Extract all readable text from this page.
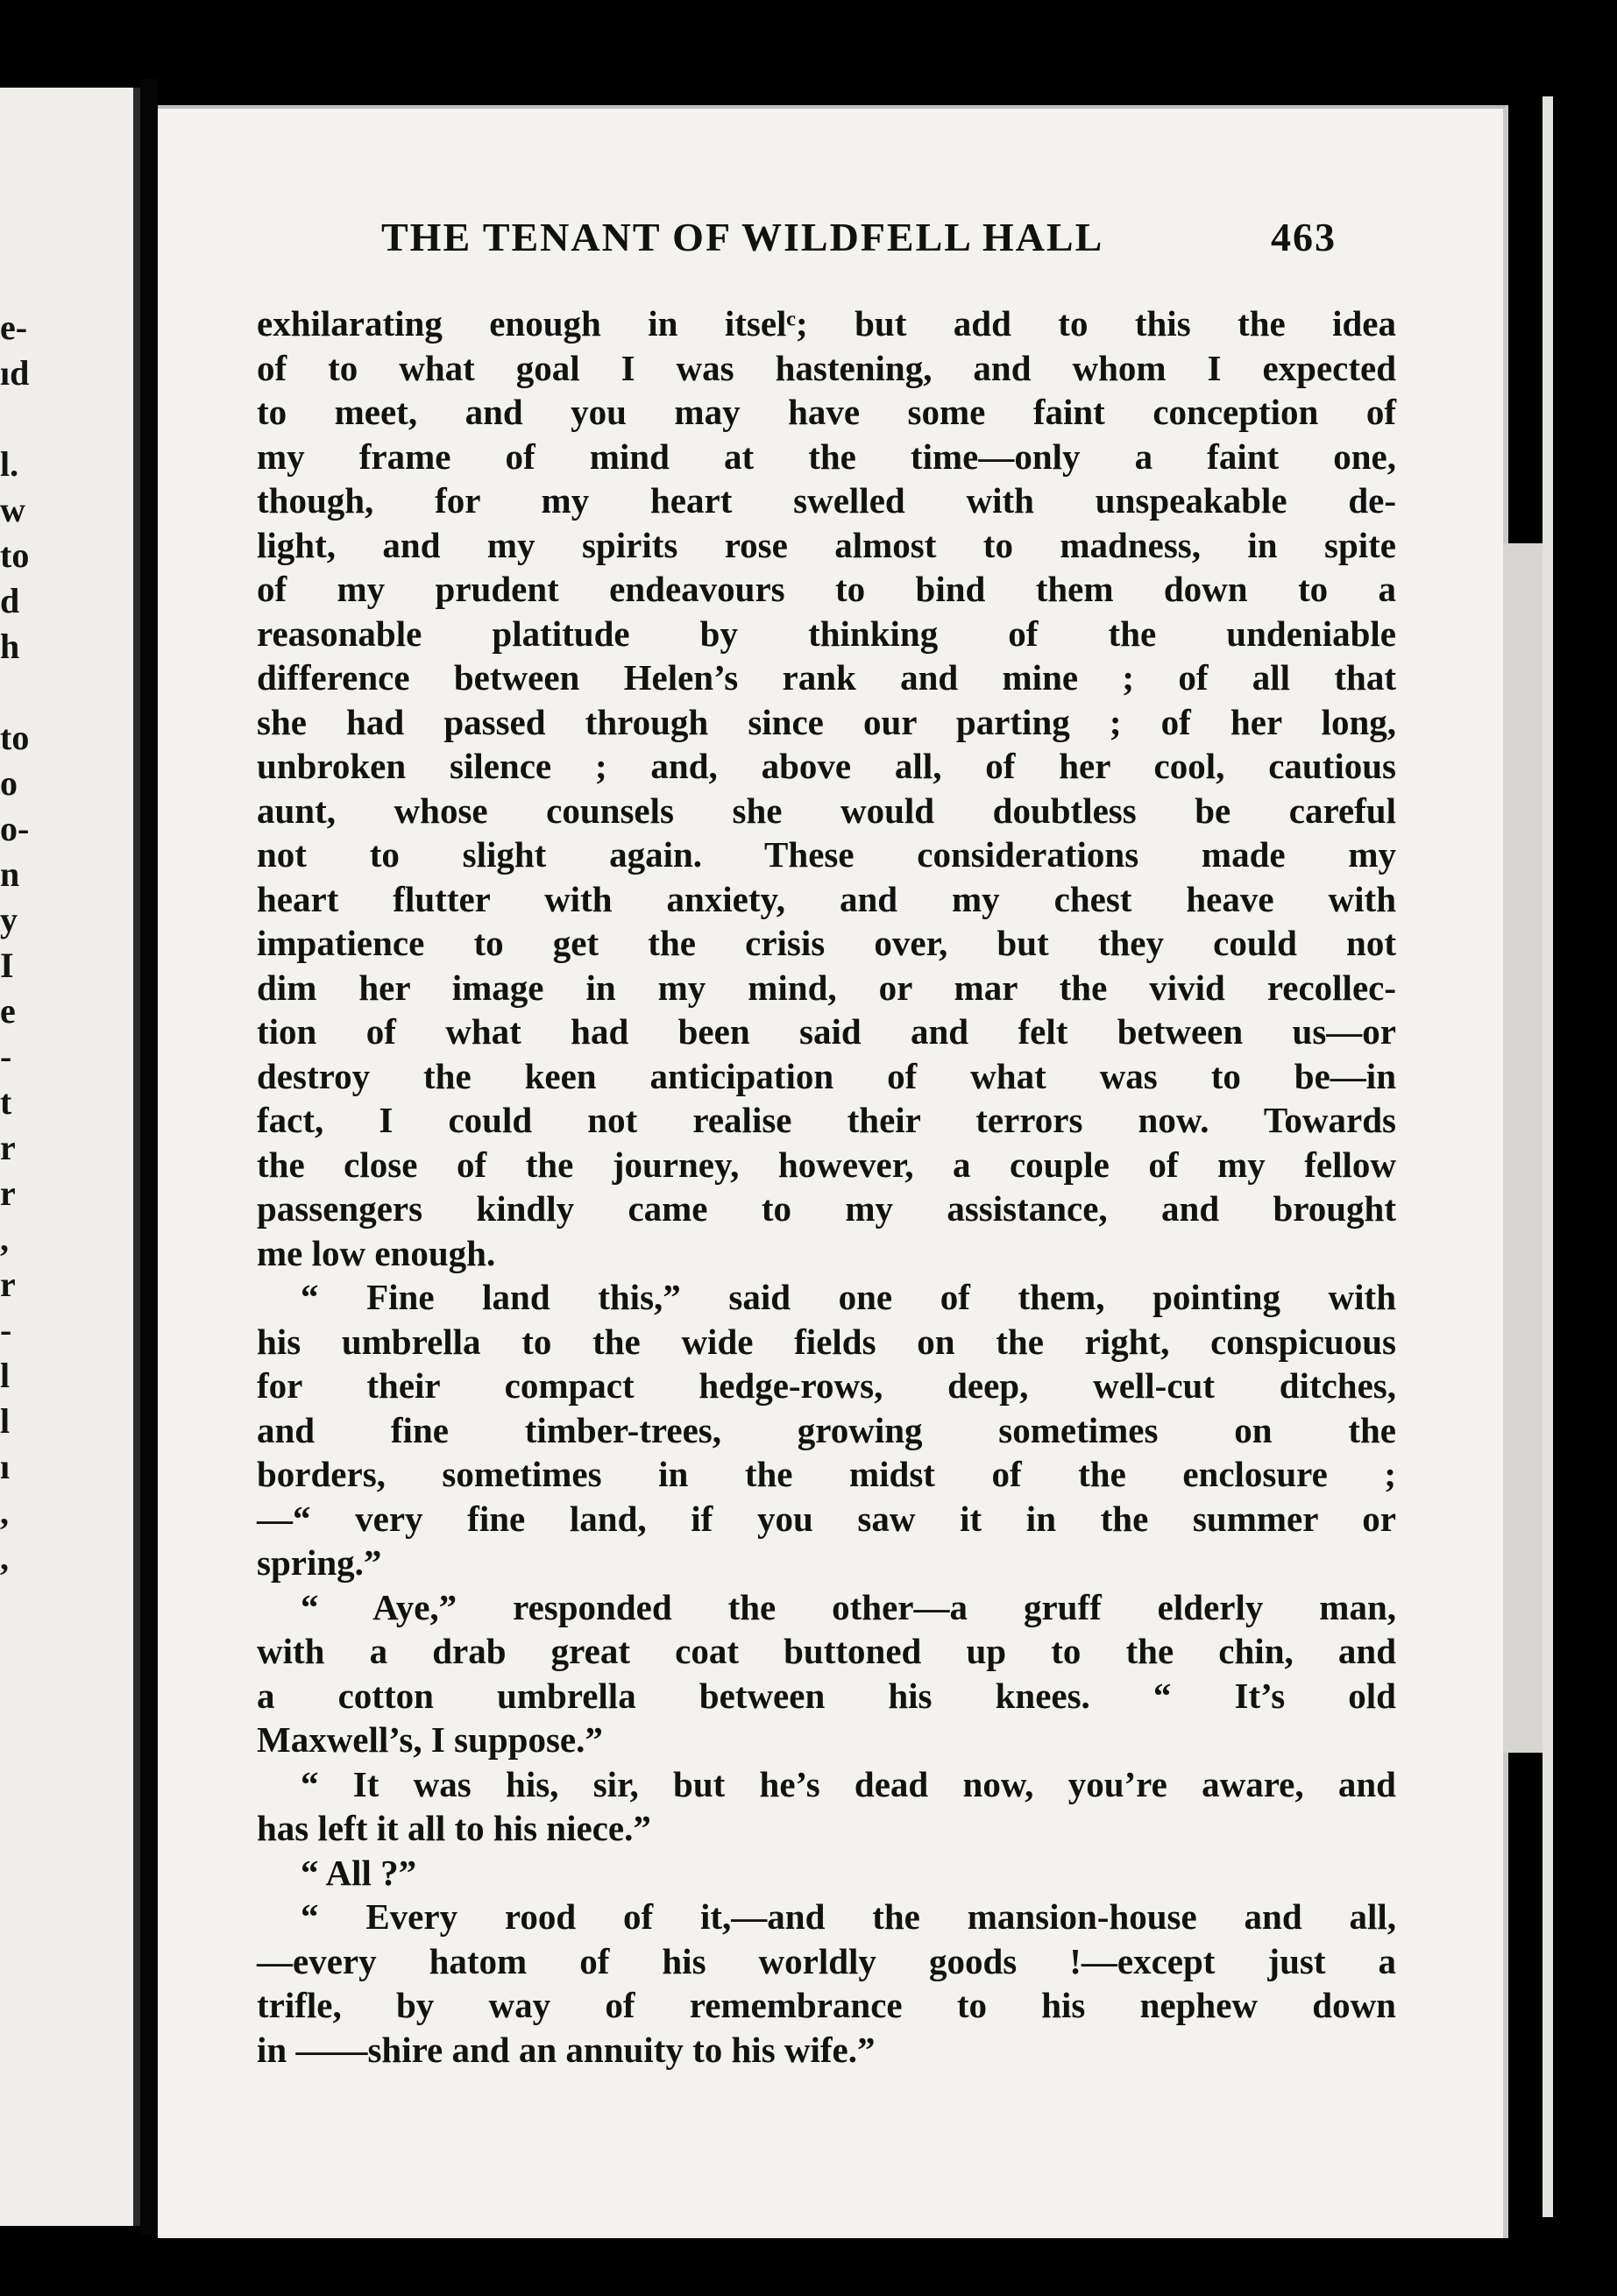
e-
ıd
l.
w
to
d
h
to
o
o-
n
y
I
e
-
t
r
r
,
r
-
l
l
ı
,
,
THE TENANT OF WILDFELL HALL	463
exhilarating enough in itselᶜ; but add to this the idea
of to what goal I was hastening, and whom I expected
to meet, and you may have some faint conception of
my frame of mind at the time—only a faint one,
though, for my heart swelled with unspeakable de-
light, and my spirits rose almost to madness, in spite
of my prudent endeavours to bind them down to a
reasonable platitude by thinking of the undeniable
difference between Helen’s rank and mine ; of all that
she had passed through since our parting ; of her long,
unbroken silence ; and, above all, of her cool, cautious
aunt, whose counsels she would doubtless be careful
not to slight again. These considerations made my
heart flutter with anxiety, and my chest heave with
impatience to get the crisis over, but they could not
dim her image in my mind, or mar the vivid recollec-
tion of what had been said and felt between us—or
destroy the keen anticipation of what was to be—in
fact, I could not realise their terrors now. Towards
the close of the journey, however, a couple of my fellow
passengers kindly came to my assistance, and brought
me low enough.
“ Fine land this,” said one of them, pointing with
his umbrella to the wide fields on the right, conspicuous
for their compact hedge-rows, deep, well-cut ditches,
and fine timber-trees, growing sometimes on the
borders, sometimes in the midst of the enclosure ;
—“ very fine land, if you saw it in the summer or
spring.”
“ Aye,” responded the other—a gruff elderly man,
with a drab great coat buttoned up to the chin, and
a cotton umbrella between his knees. “ It’s old
Maxwell’s, I suppose.”
“ It was his, sir, but he’s dead now, you’re aware, and
has left it all to his niece.”
“ All ?”
“ Every rood of it,—and the mansion-house and all,
—every hatom of his worldly goods !—except just a
trifle, by way of remembrance to his nephew down
in ——shire and an annuity to his wife.”
